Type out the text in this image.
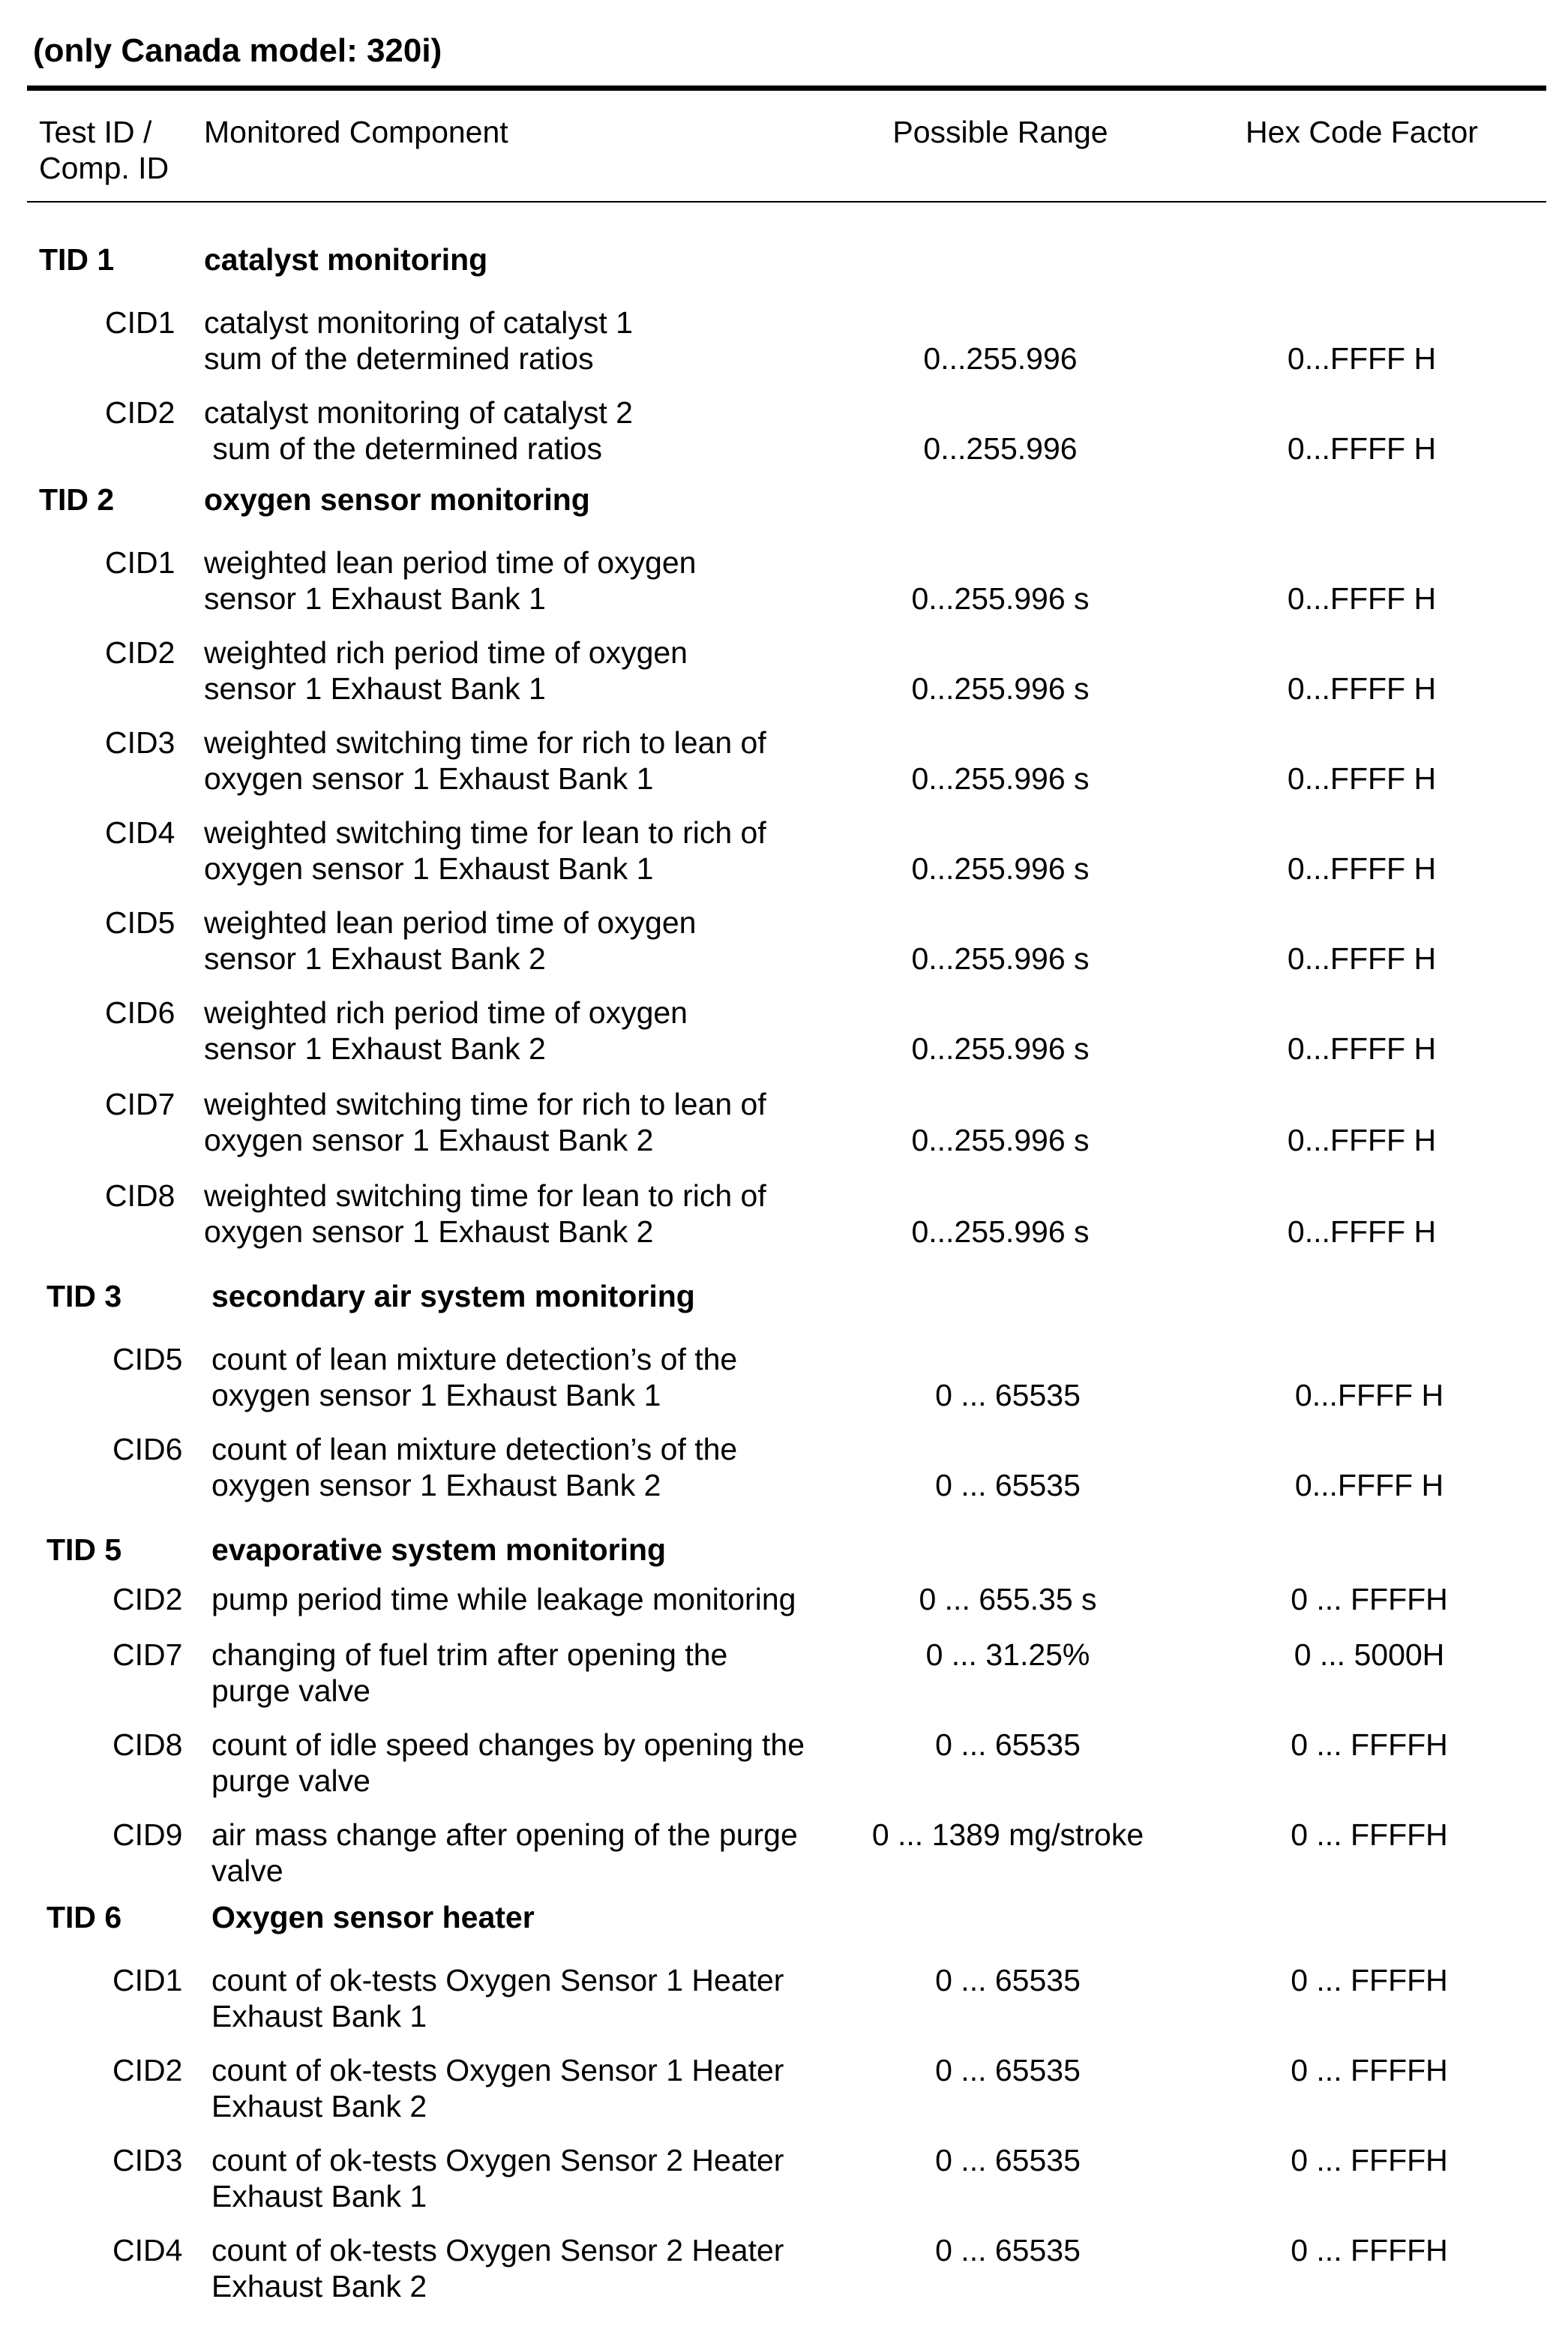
(only Canada model: 320i)
Test ID /
Comp. ID
Monitored Component	Possible Range	Hex Code Factor
TID 1	catalyst monitoring
CID1 catalyst monitoring of catalyst 1
sum of the determined ratios	0...255.996	0...FFFF H
CID2 catalyst monitoring of catalyst 2
sum of the determined ratios	0...255.996	0...FFFF H
TID 2	oxygen sensor monitoring
CID1 weighted lean period time of oxygen
sensor 1 Exhaust Bank 1	0...255.996 s	0...FFFF H
CID2 weighted rich period time of oxygen
sensor 1 Exhaust Bank 1	0...255.996 s	0...FFFF H
CID3 weighted switching time for rich to lean of
oxygen sensor 1 Exhaust Bank 1	0...255.996 s	0...FFFF H
CID4 weighted switching time for lean to rich of
oxygen sensor 1 Exhaust Bank 1	0...255.996 s	0...FFFF H
CID5 weighted lean period time of oxygen
sensor 1 Exhaust Bank 2	0...255.996 s	0...FFFF H
CID6 weighted rich period time of oxygen
sensor 1 Exhaust Bank 2	0...255.996 s	0...FFFF H
CID7 weighted switching time for rich to lean of
oxygen sensor 1 Exhaust Bank 2	0...255.996 s	0...FFFF H
CID8 weighted switching time for lean to rich of
oxygen sensor 1 Exhaust Bank 2	0...255.996 s	0...FFFF H
TID 3	secondary air system monitoring
CID5 count of lean mixture detection’s of the
oxygen sensor 1 Exhaust Bank 1	0 ... 65535	0...FFFF H
CID6 count of lean mixture detection’s of the
oxygen sensor 1 Exhaust Bank 2	0 ... 65535	0...FFFF H
TID 5	evaporative system monitoring
CID2 pump period time while leakage monitoring	0 ... 655.35 s	0 ... FFFFH
CID7 changing of fuel trim after opening the
purge valve
0 ... 31.25%	0 ... 5000H
CID8 count of idle speed changes by opening the
purge valve
0 ... 65535	0 ... FFFFH
CID9 air mass change after opening of the purge
valve
0 ... 1389 mg/stroke	0 ... FFFFH
TID 6	Oxygen sensor heater
CID1 count of ok-tests Oxygen Sensor 1 Heater
Exhaust Bank 1
0 ... 65535	0 ... FFFFH
CID2 count of ok-tests Oxygen Sensor 1 Heater
Exhaust Bank 2
0 ... 65535	0 ... FFFFH
CID3 count of ok-tests Oxygen Sensor 2 Heater
Exhaust Bank 1
0 ... 65535	0 ... FFFFH
CID4 count of ok-tests Oxygen Sensor 2 Heater
Exhaust Bank 2
0 ... 65535	0 ... FFFFH
